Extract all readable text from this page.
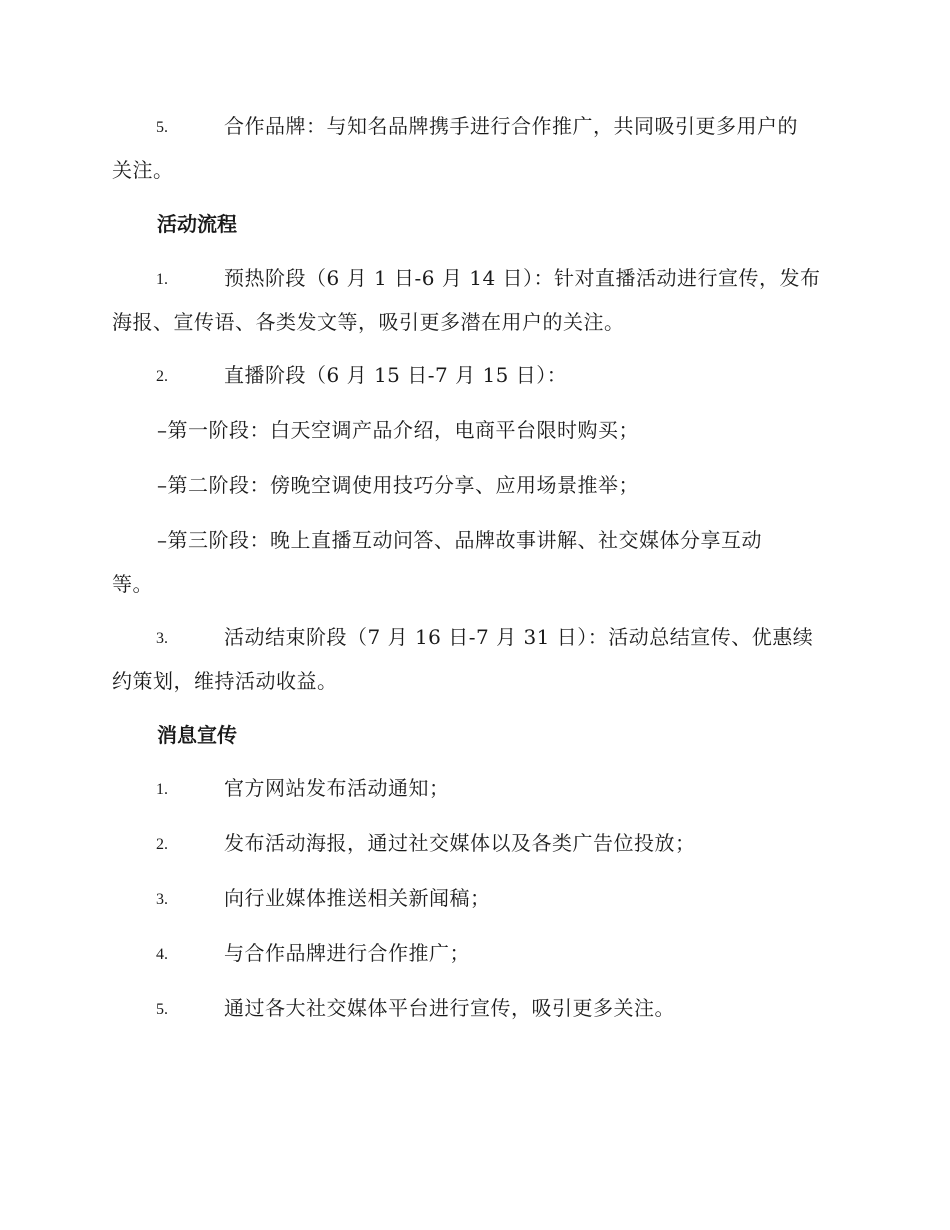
5.	合作品牌：与知名品牌携手进行合作推广，共同吸引更多用户的
关注。
活动流程
1.	预热阶段（6 月 1 日-6 月 14 日）：针对直播活动进行宣传，发布
海报、宣传语、各类发文等，吸引更多潜在用户的关注。
2.	直播阶段（6 月 15 日-7 月 15 日）：
–第一阶段：白天空调产品介绍，电商平台限时购买；
–第二阶段：傍晚空调使用技巧分享、应用场景推举；
–第三阶段：晚上直播互动问答、品牌故事讲解、社交媒体分享互动
等。
3.	活动结束阶段（7 月 16 日-7 月 31 日）：活动总结宣传、优惠续
约策划，维持活动收益。
消息宣传
1.	官方网站发布活动通知；
2.	发布活动海报，通过社交媒体以及各类广告位投放；
3.	向行业媒体推送相关新闻稿；
4.	与合作品牌进行合作推广；
5.	通过各大社交媒体平台进行宣传，吸引更多关注。
